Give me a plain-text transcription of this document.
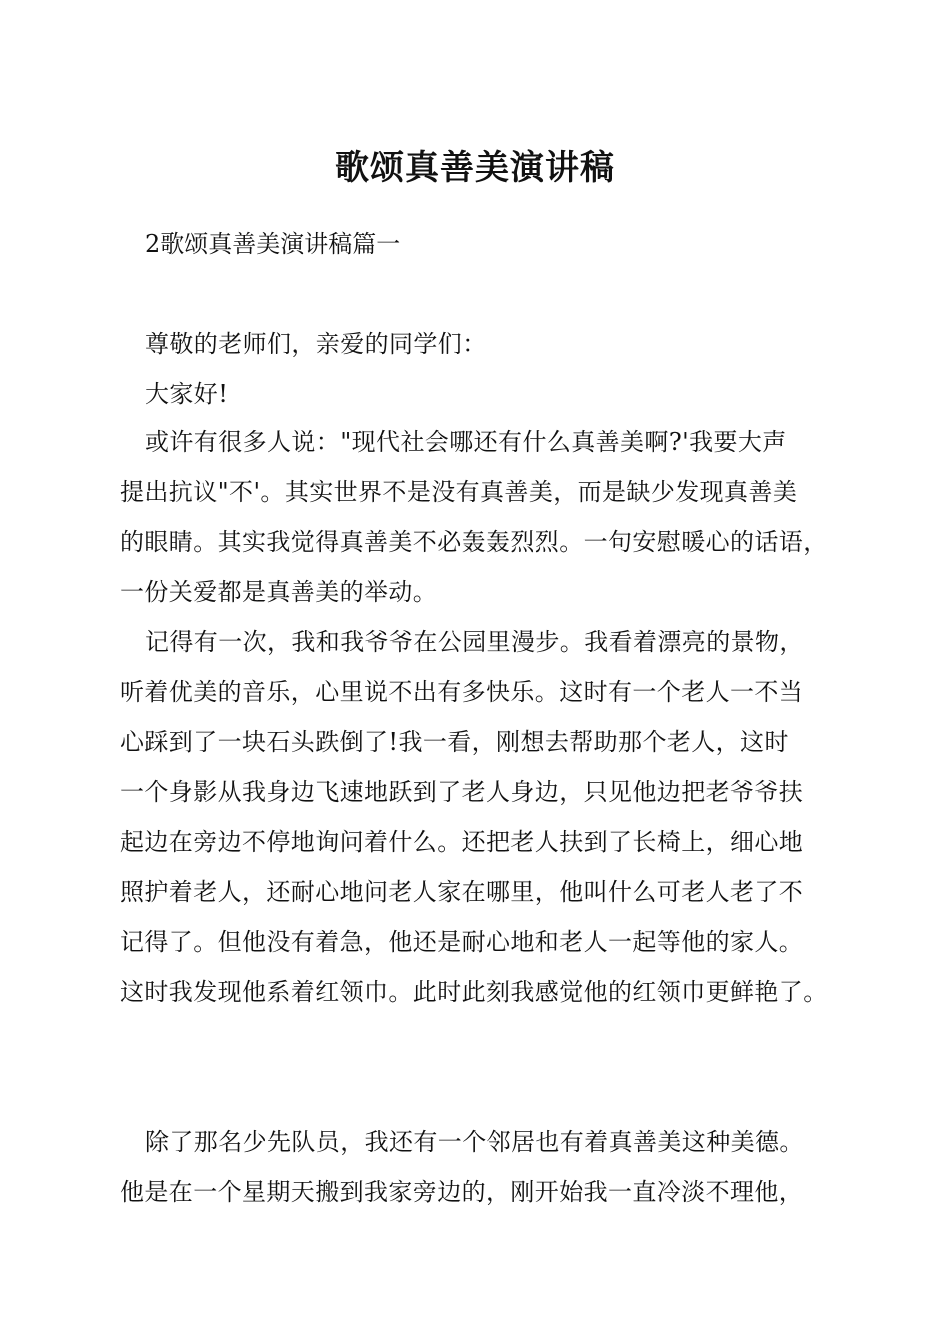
歌颂真善美演讲稿
2歌颂真善美演讲稿篇一
尊敬的老师们，亲爱的同学们：
大家好!
或许有很多人说："现代社会哪还有什么真善美啊?'我要大声
提出抗议"不'。其实世界不是没有真善美，而是缺少发现真善美
的眼睛。其实我觉得真善美不必轰轰烈烈。一句安慰暖心的话语，
一份关爱都是真善美的举动。
记得有一次，我和我爷爷在公园里漫步。我看着漂亮的景物，
听着优美的音乐，心里说不出有多快乐。这时有一个老人一不当
心踩到了一块石头跌倒了!我一看，刚想去帮助那个老人，这时
一个身影从我身边飞速地跃到了老人身边，只见他边把老爷爷扶
起边在旁边不停地询问着什么。还把老人扶到了长椅上，细心地
照护着老人，还耐心地问老人家在哪里，他叫什么可老人老了不
记得了。但他没有着急，他还是耐心地和老人一起等他的家人。
这时我发现他系着红领巾。此时此刻我感觉他的红领巾更鲜艳了。
除了那名少先队员，我还有一个邻居也有着真善美这种美德。
他是在一个星期天搬到我家旁边的，刚开始我一直冷淡不理他，
